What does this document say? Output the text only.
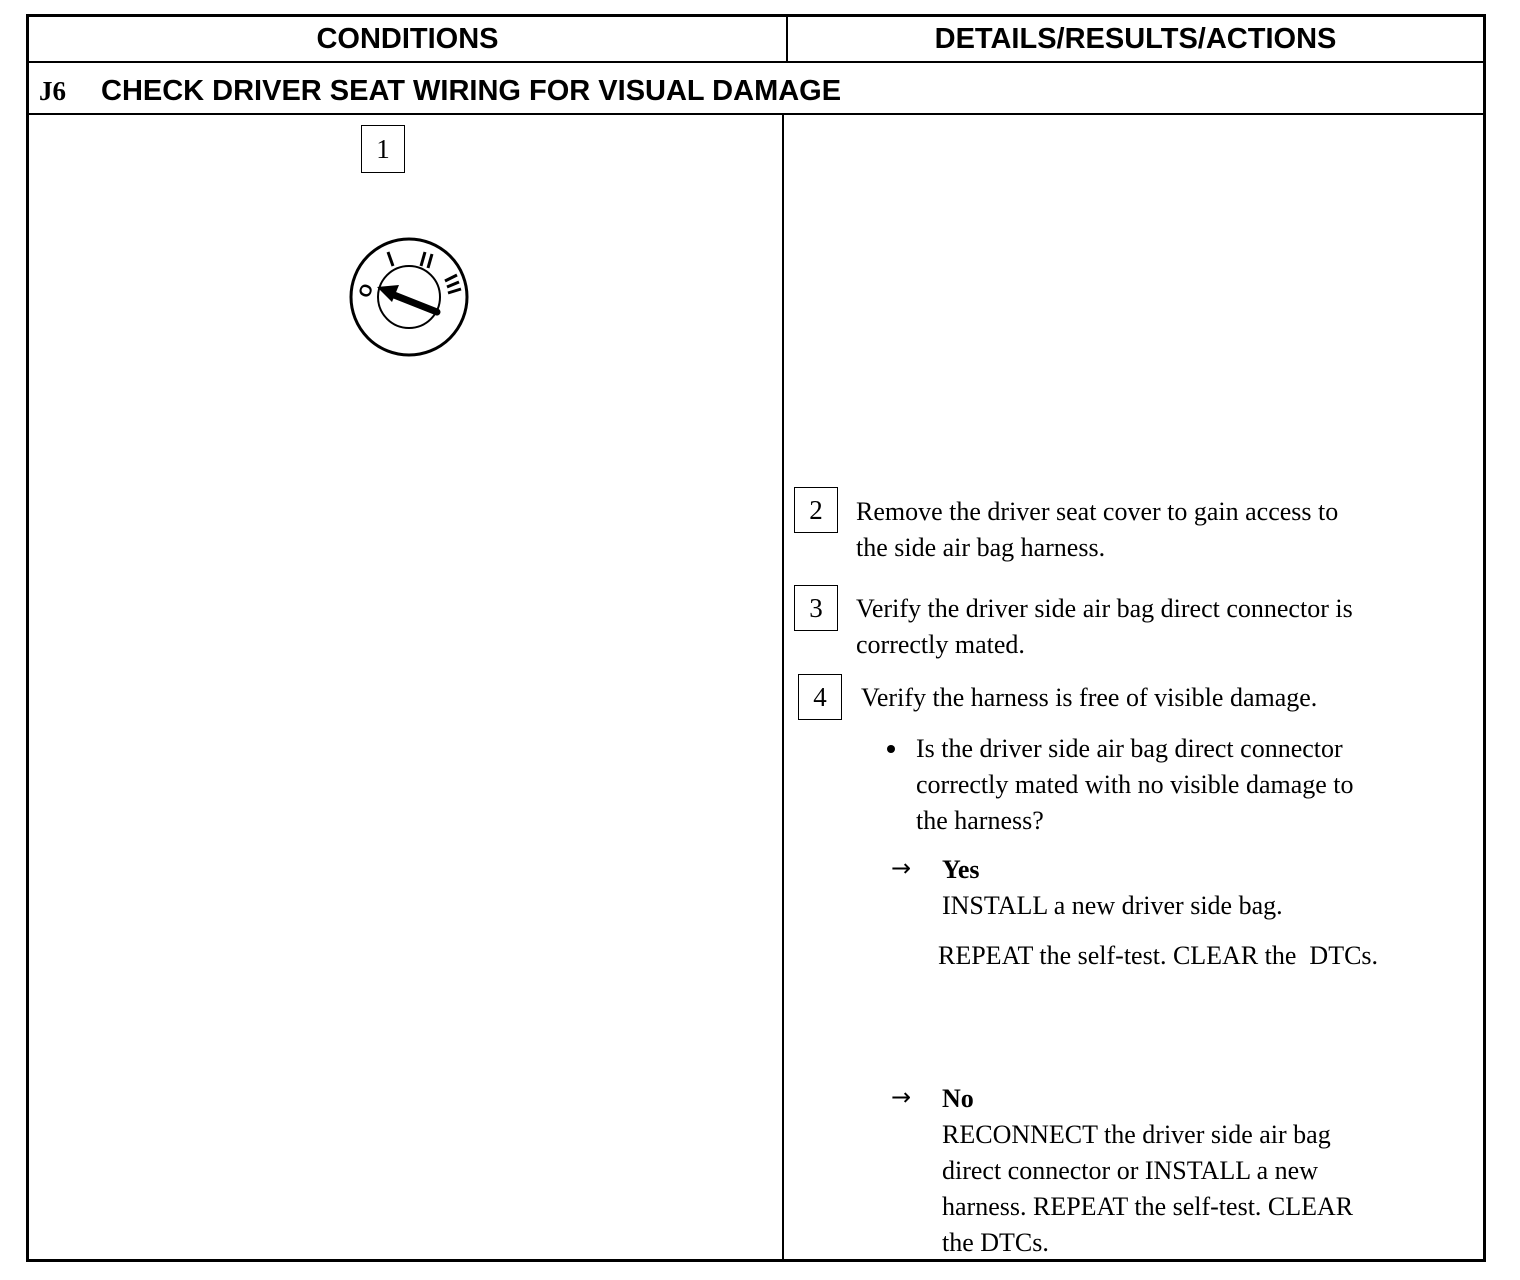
CONDITIONS	DETAILS/RESULTS/ACTIONS
J6 CHECK DRIVER SEAT WIRING FOR VISUAL DAMAGE
1
O
2	Remove the driver seat cover to gain access to
the side air bag harness.
3	Verify the driver side air bag direct connector is
correctly mated.
4	Verify the harness is free of visible damage.
Is the driver side air bag direct connector
correctly mated with no visible damage to
the harness?
→ Yes
INSTALL a new driver side bag.
REPEAT the self-test. CLEAR the  DTCs.
→ No
RECONNECT the driver side air bag
direct connector or INSTALL a new
harness. REPEAT the self-test. CLEAR
the DTCs.
